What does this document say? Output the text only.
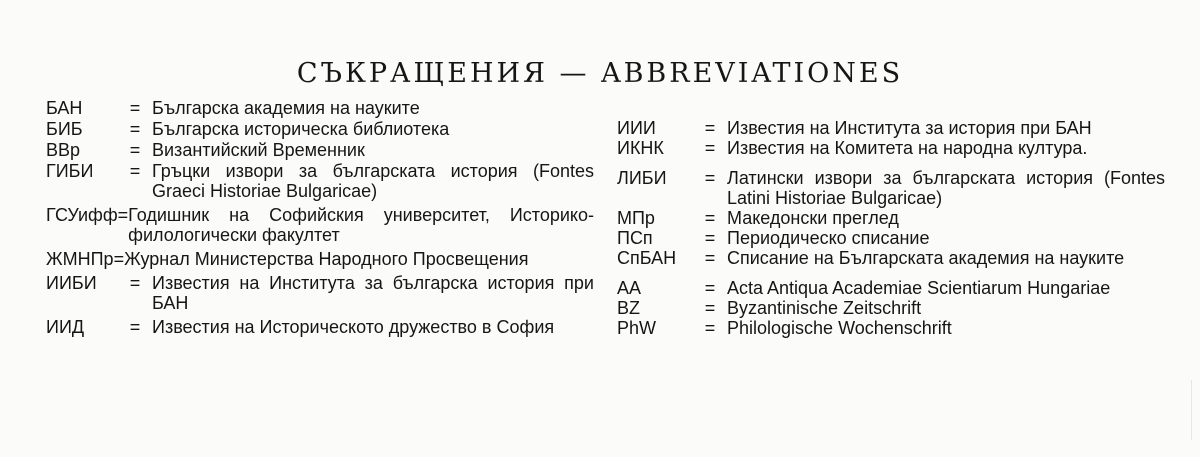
СЪКРАЩЕНИЯ — ABBREVIATIONES
БАН	= Българска академия на науките
БИБ	= Българска историческа библиотека
ВВр	= Византийский Временник
ГИБИ	= Гръцки извори за българската история (Fontes Graeci Historiae Bulgaricae)
ГСУифф = Годишник на Софийския университет, Историко-филологически факултет
ЖМНПр = Журнал Министерства Народного Просвещения
ИИБИ	= Известия на Института за българска история при БАН
ИИД	= Известия на Историческото дружество в София
ИИИ	= Известия на Института за история при БАН
ИКНК	= Известия на Комитета на народна култура.
ЛИБИ	= Латински извори за българската история (Fontes Latini Historiae Bulgaricae)
МПр	= Македонски преглед
ПСп	= Периодическо списание
СпБАН	= Списание на Българската академия на науките
AA	= Acta Antiqua Academiae Scientiarum Hungariae
BZ	= Byzantinische Zeitschrift
PhW	= Philologische Wochenschrift
